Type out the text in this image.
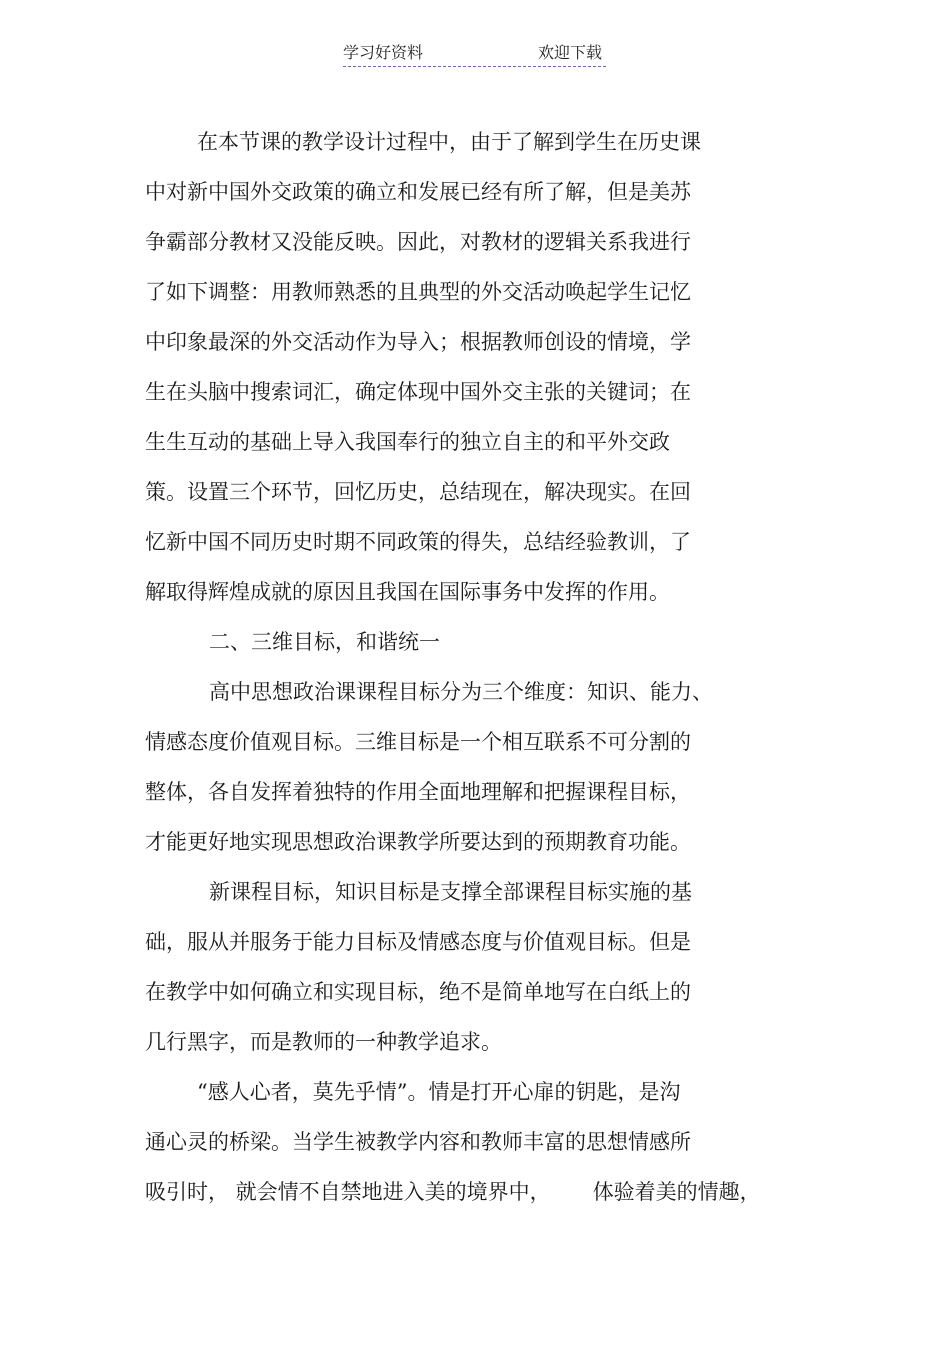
学习好资料	欢迎下载
在本节课的教学设计过程中，由于了解到学生在历史课
中对新中国外交政策的确立和发展已经有所了解，但是美苏
争霸部分教材又没能反映。因此，对教材的逻辑关系我进行
了如下调整：用教师熟悉的且典型的外交活动唤起学生记忆
中印象最深的外交活动作为导入；根据教师创设的情境，学
生在头脑中搜索词汇，确定体现中国外交主张的关键词；在
生生互动的基础上导入我国奉行的独立自主的和平外交政
策。设置三个环节，回忆历史，总结现在，解决现实。在回
忆新中国不同历史时期不同政策的得失，总结经验教训，了
解取得辉煌成就的原因且我国在国际事务中发挥的作用。
二、三维目标，和谐统一
高中思想政治课课程目标分为三个维度：知识、能力、
情感态度价值观目标。三维目标是一个相互联系不可分割的
整体，各自发挥着独特的作用全面地理解和把握课程目标，
才能更好地实现思想政治课教学所要达到的预期教育功能。
新课程目标，知识目标是支撑全部课程目标实施的基
础，服从并服务于能力目标及情感态度与价值观目标。但是
在教学中如何确立和实现目标，绝不是简单地写在白纸上的
几行黑字，而是教师的一种教学追求。
“感人心者，莫先乎情”。情是打开心扉的钥匙，是沟
通心灵的桥梁。当学生被教学内容和教师丰富的思想情感所
吸引时， 就会情不自禁地进入美的境界中， 体验着美的情趣，
